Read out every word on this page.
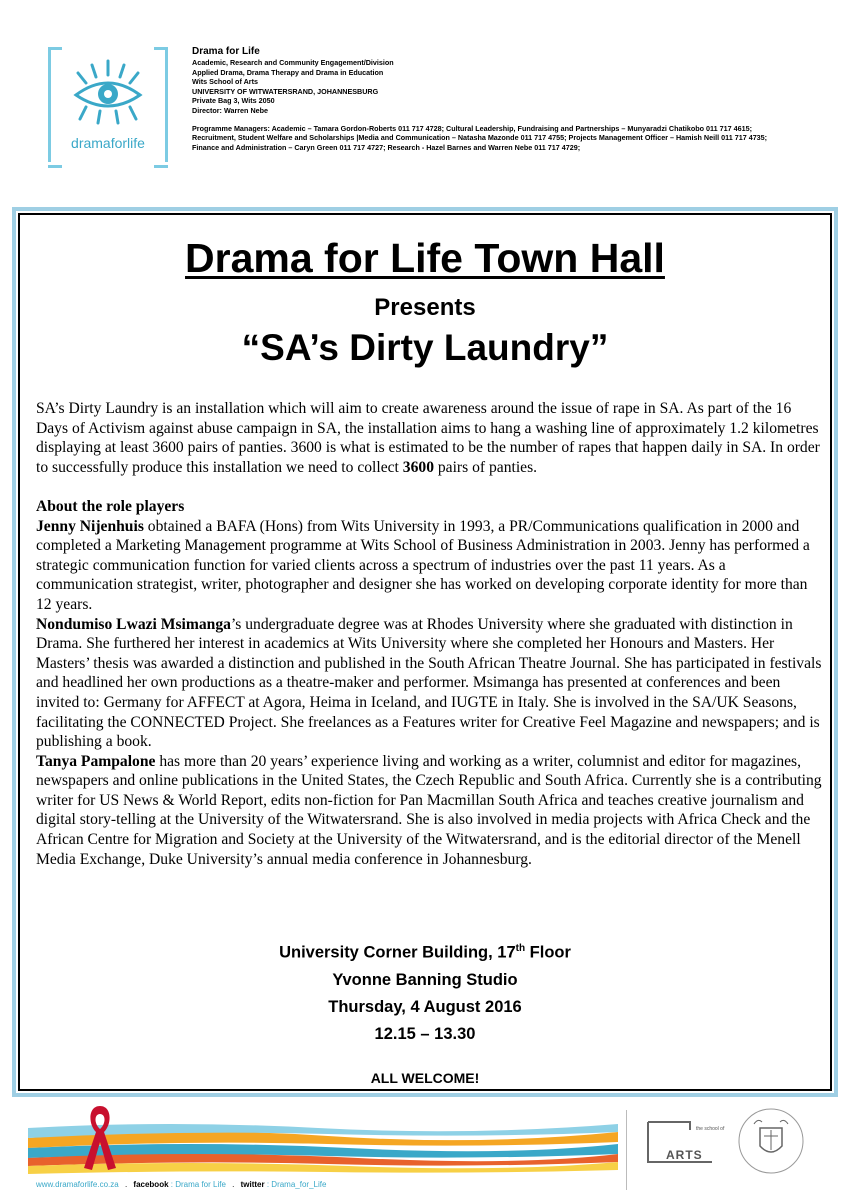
dramaforlife
Drama for Life
Academic, Research and Community Engagement/Division
Applied Drama, Drama Therapy and Drama in Education
Wits School of Arts
UNIVERSITY OF WITWATERSRAND, JOHANNESBURG
Private Bag 3, Wits 2050
Director: Warren Nebe
Programme Managers: Academic – Tamara Gordon-Roberts 011 717 4728; Cultural Leadership, Fundraising and Partnerships – Munyaradzi Chatikobo 011 717 4615; Recruitment, Student Welfare and Scholarships |Media and Communication – Natasha Mazonde 011 717 4755; Projects Management Officer – Hamish Neill 011 717 4735; Finance and Administration – Caryn Green 011 717 4727; Research - Hazel Barnes and Warren Nebe 011 717 4729;
Drama for Life Town Hall
Presents
“SA’s Dirty Laundry”

SA’s Dirty Laundry is an installation which will aim to create awareness around the issue of rape in SA. As part of the 16 Days of Activism against abuse campaign in SA, the installation aims to hang a washing line of approximately 1.2 kilometres displaying at least 3600 pairs of panties. 3600 is what is estimated to be the number of rapes that happen daily in SA. In order to successfully produce this installation we need to collect 3600 pairs of panties.

About the role players

Jenny Nijenhuis obtained a BAFA (Hons) from Wits University in 1993, a PR/Communications qualification in 2000 and completed a Marketing Management programme at Wits School of Business Administration in 2003. Jenny has performed a strategic communication function for varied clients across a spectrum of industries over the past 11 years. As a communication strategist, writer, photographer and designer she has worked on developing corporate identity for more than 12 years.

Nondumiso Lwazi Msimanga’s undergraduate degree was at Rhodes University where she graduated with distinction in Drama. She furthered her interest in academics at Wits University where she completed her Honours and Masters. Her Masters’ thesis was awarded a distinction and published in the South African Theatre Journal. She has participated in festivals and headlined her own productions as a theatre-maker and performer. Msimanga has presented at conferences and been invited to: Germany for AFFECT at Agora, Heima in Iceland, and IUGTE in Italy. She is involved in the SA/UK Seasons, facilitating the CONNECTED Project. She freelances as a Features writer for Creative Feel Magazine and newspapers; and is publishing a book.

Tanya Pampalone has more than 20 years’ experience living and working as a writer, columnist and editor for magazines, newspapers and online publications in the United States, the Czech Republic and South Africa. Currently she is a contributing writer for US News & World Report, edits non-fiction for Pan Macmillan South Africa and teaches creative journalism and digital story-telling at the University of the Witwatersrand. She is also involved in media projects with Africa Check and the African Centre for Migration and Society at the University of the Witwatersrand, and is the editorial director of the Menell Media Exchange, Duke University’s annual media conference in Johannesburg.

University Corner Building, 17th Floor
Yvonne Banning Studio
Thursday, 4 August 2016
12.15 – 13.30
ALL WELCOME!
www.dramaforlife.co.za . facebook : Drama for Life . twitter : Drama_for_Life
the school of
ARTS
